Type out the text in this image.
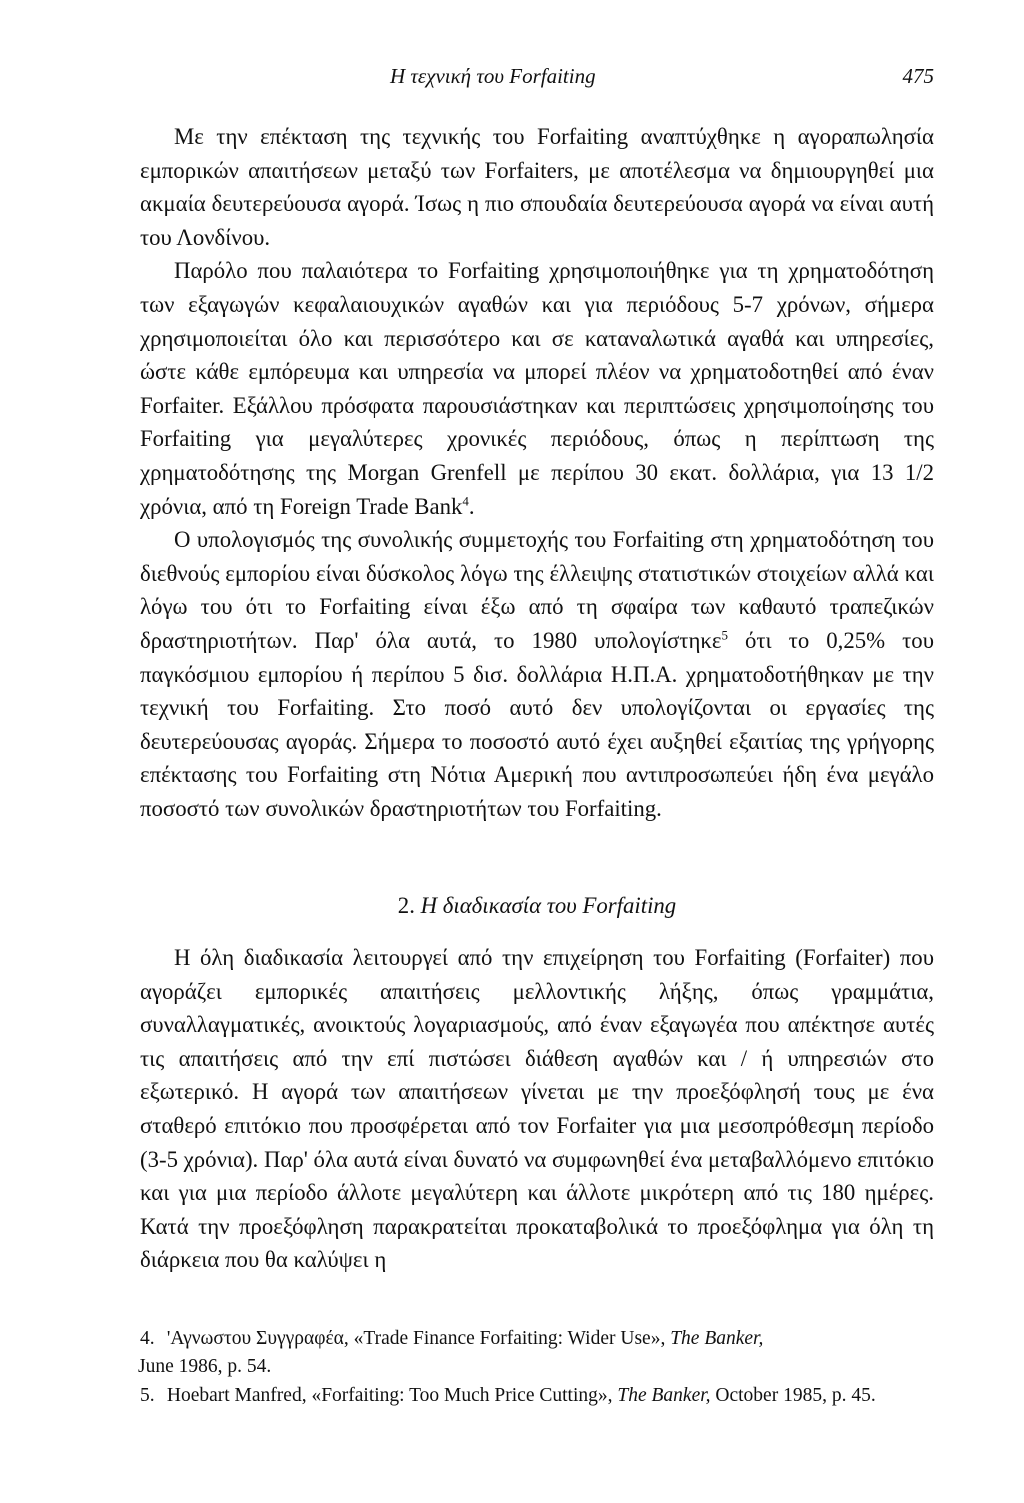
Η τεχνική του Forfaiting	475

Με την επέκταση της τεχνικής του Forfaiting αναπτύχθηκε η αγοραπωλησία εμπορικών απαιτήσεων μεταξύ των Forfaiters, με αποτέλεσμα να δημιουργηθεί μια ακμαία δευτερεύουσα αγορά. Ίσως η πιο σπουδαία δευτερεύουσα αγορά να είναι αυτή του Λονδίνου.

Παρόλο που παλαιότερα το Forfaiting χρησιμοποιήθηκε για τη χρηματοδότηση των εξαγωγών κεφαλαιουχικών αγαθών και για περιόδους 5-7 χρόνων, σήμερα χρησιμοποιείται όλο και περισσότερο και σε καταναλωτικά αγαθά και υπηρεσίες, ώστε κάθε εμπόρευμα και υπηρεσία να μπορεί πλέον να χρηματοδοτηθεί από έναν Forfaiter. Εξάλλου πρόσφατα παρουσιάστηκαν και περιπτώσεις χρησιμοποίησης του Forfaiting για μεγαλύτερες χρονικές περιόδους, όπως η περίπτωση της χρηματοδότησης της Morgan Grenfell με περίπου 30 εκατ. δολλάρια, για 13 1/2 χρόνια, από τη Foreign Trade Bank$^4$.

Ο υπολογισμός της συνολικής συμμετοχής του Forfaiting στη χρηματοδότηση του διεθνούς εμπορίου είναι δύσκολος λόγω της έλλειψης στατιστικών στοιχείων αλλά και λόγω του ότι το Forfaiting είναι έξω από τη σφαίρα των καθαυτό τραπεζικών δραστηριοτήτων. Παρ' όλα αυτά, το 1980 υπολογίστηκε$^5$ ότι το 0,25% του παγκόσμιου εμπορίου ή περίπου 5 δισ. δολλάρια Η.Π.Α. χρηματοδοτήθηκαν με την τεχνική του Forfaiting. Στο ποσό αυτό δεν υπολογίζονται οι εργασίες της δευτερεύουσας αγοράς. Σήμερα το ποσοστό αυτό έχει αυξηθεί εξαιτίας της γρήγορης επέκτασης του Forfaiting στη Νότια Αμερική που αντιπροσωπεύει ήδη ένα μεγάλο ποσοστό των συνολικών δραστηριοτήτων του Forfaiting.

2. Η διαδικασία του Forfaiting

Η όλη διαδικασία λειτουργεί από την επιχείρηση του Forfaiting (Forfaiter) που αγοράζει εμπορικές απαιτήσεις μελλοντικής λήξης, όπως γραμμάτια, συναλλαγματικές, ανοικτούς λογαριασμούς, από έναν εξαγωγέα που απέκτησε αυτές τις απαιτήσεις από την επί πιστώσει διάθεση αγαθών και / ή υπηρεσιών στο εξωτερικό. Η αγορά των απαιτήσεων γίνεται με την προεξόφλησή τους με ένα σταθερό επιτόκιο που προσφέρεται από τον Forfaiter για μια μεσοπρόθεσμη περίοδο (3-5 χρόνια). Παρ' όλα αυτά είναι δυνατό να συμφωνηθεί ένα μεταβαλλόμενο επιτόκιο και για μια περίοδο άλλοτε μεγαλύτερη και άλλοτε μικρότερη από τις 180 ημέρες. Κατά την προεξόφληση παρακρατείται προκαταβολικά το προεξόφλημα για όλη τη διάρκεια που θα καλύψει η

4. 'Αγνωστου Συγγραφέα, «Trade Finance Forfaiting: Wider Use», The Banker,
June 1986, p. 54.

5. Hoebart Manfred, «Forfaiting: Too Much Price Cutting», The Banker, October 1985, p. 45.
